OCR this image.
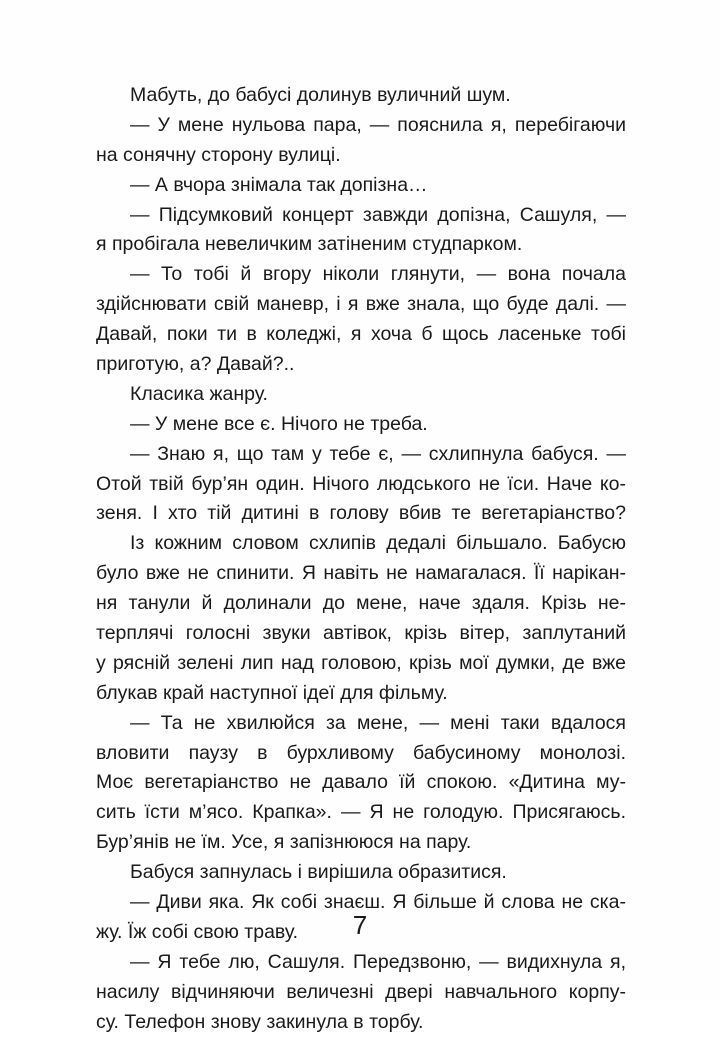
Мабуть, до бабусі долинув вуличний шум.
— У мене нульова пара, — пояснила я, перебігаючи
на сонячну сторону вулиці.
— А вчора знімала так допізна…
— Підсумковий концерт завжди допізна, Сашуля, —
я пробігала невеличким затіненим студпарком.
— То тобі й вгору ніколи глянути, — вона почала
здійснювати свій маневр, і я вже знала, що буде далі. —
Давай, поки ти в коледжі, я хоча б щось ласеньке тобі
приготую, а? Давай?..
Класика жанру.
— У мене все є. Нічого не треба.
— Знаю я, що там у тебе є, — схлипнула бабуся. —
Отой твій бур’ян один. Нічого людського не їси. Наче ко-
зеня. І хто тій дитині в голову вбив те вегетаріанство?
Із кожним словом схлипів дедалі більшало. Бабусю
було вже не спинити. Я навіть не намагалася. Її нарікан-
ня танули й долинали до мене, наче здаля. Крізь не-
терплячі голосні звуки автівок, крізь вітер, заплутаний
у рясній зелені лип над головою, крізь мої думки, де вже
блукав край наступної ідеї для фільму.
— Та не хвилюйся за мене, — мені таки вдалося
вловити паузу в бурхливому бабусиному монолозі.
Моє вегетаріанство не давало їй спокою. «Дитина му-
сить їсти м’ясо. Крапка». — Я не голодую. Присягаюсь.
Бур’янів не їм. Усе, я запізнююся на пару.
Бабуся запнулась і вирішила образитися.
— Диви яка. Як собі знаєш. Я більше й слова не ска-
жу. Їж собі свою траву.
— Я тебе лю, Сашуля. Передзвоню, — видихнула я,
насилу відчиняючи величезні двері навчального корпу-
су. Телефон знову закинула в торбу.
7
